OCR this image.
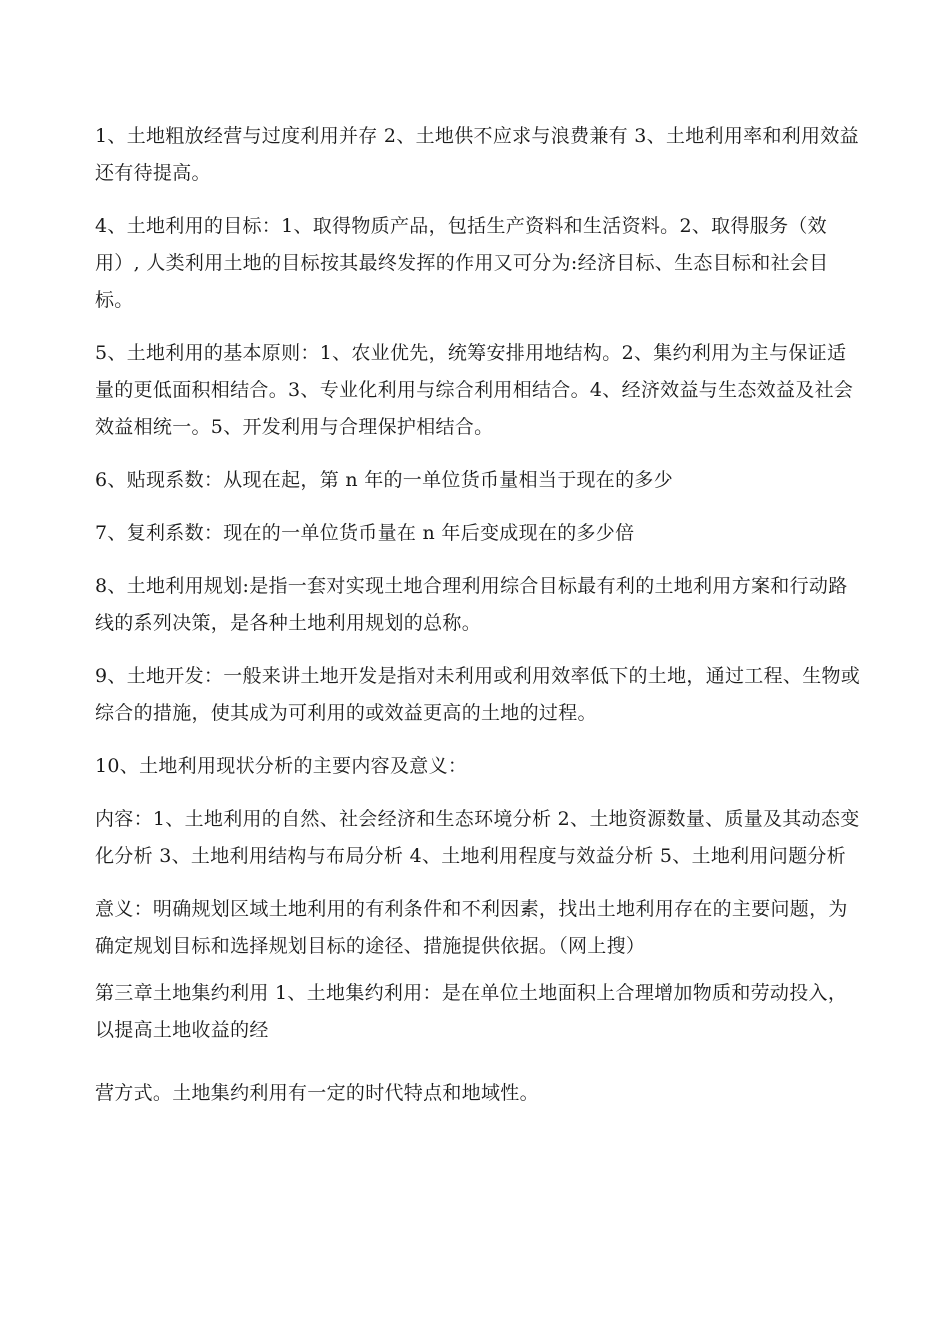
1、土地粗放经营与过度利用并存 2、土地供不应求与浪费兼有 3、土地利用率和利用效益还有待提高。

4、土地利用的目标：1、取得物质产品，包括生产资料和生活资料。2、取得服务（效用）, 人类利用土地的目标按其最终发挥的作用又可分为:经济目标、生态目标和社会目标。

5、土地利用的基本原则：1、农业优先，统筹安排用地结构。2、集约利用为主与保证适量的更低面积相结合。3、专业化利用与综合利用相结合。4、经济效益与生态效益及社会效益相统一。5、开发利用与合理保护相结合。

6、贴现系数：从现在起，第 n 年的一单位货币量相当于现在的多少

7、复利系数：现在的一单位货币量在 n 年后变成现在的多少倍

8、土地利用规划:是指一套对实现土地合理利用综合目标最有利的土地利用方案和行动路线的系列决策，是各种土地利用规划的总称。

9、土地开发：一般来讲土地开发是指对未利用或利用效率低下的土地，通过工程、生物或综合的措施，使其成为可利用的或效益更高的土地的过程。

10、土地利用现状分析的主要内容及意义：

内容：1、土地利用的自然、社会经济和生态环境分析 2、土地资源数量、质量及其动态变化分析 3、土地利用结构与布局分析 4、土地利用程度与效益分析 5、土地利用问题分析

意义：明确规划区域土地利用的有利条件和不利因素，找出土地利用存在的主要问题，为确定规划目标和选择规划目标的途径、措施提供依据。（网上搜）

第三章土地集约利用 1、土地集约利用：是在单位土地面积上合理增加物质和劳动投入，以提高土地收益的经

营方式。土地集约利用有一定的时代特点和地域性。
